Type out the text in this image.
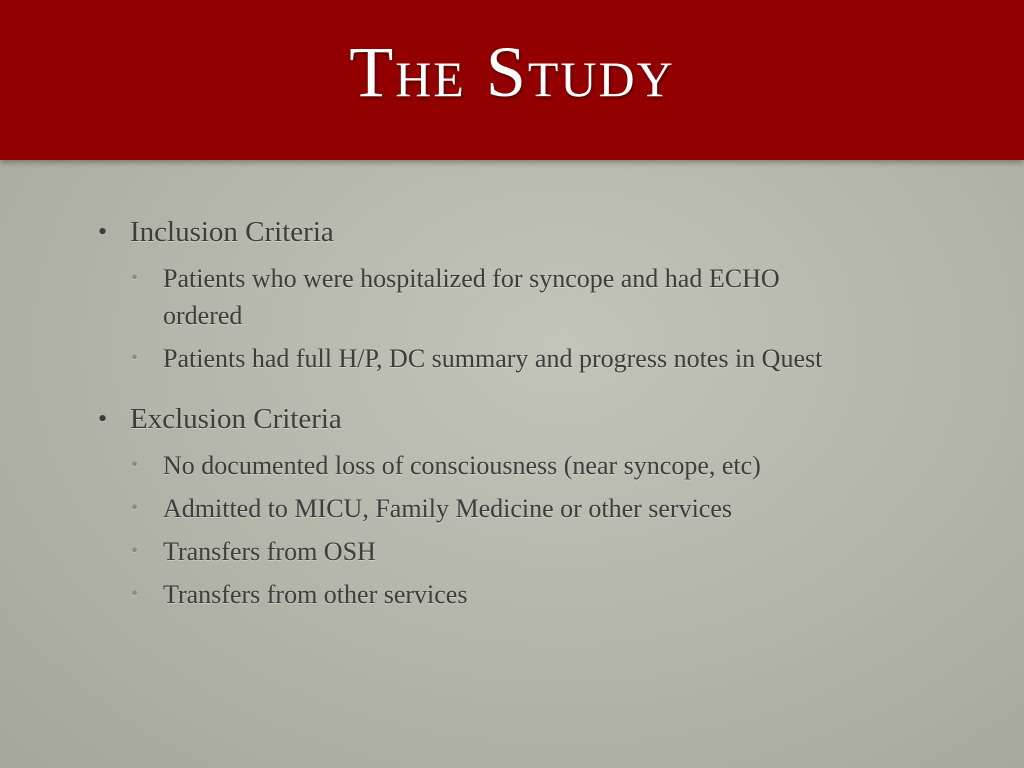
The Study
• Inclusion Criteria
• Patients who were hospitalized for syncope and had ECHO ordered
• Patients had full H/P, DC summary and progress notes in Quest
• Exclusion Criteria
• No documented loss of consciousness (near syncope, etc)
• Admitted to MICU, Family Medicine or other services
• Transfers from OSH
• Transfers from other services
